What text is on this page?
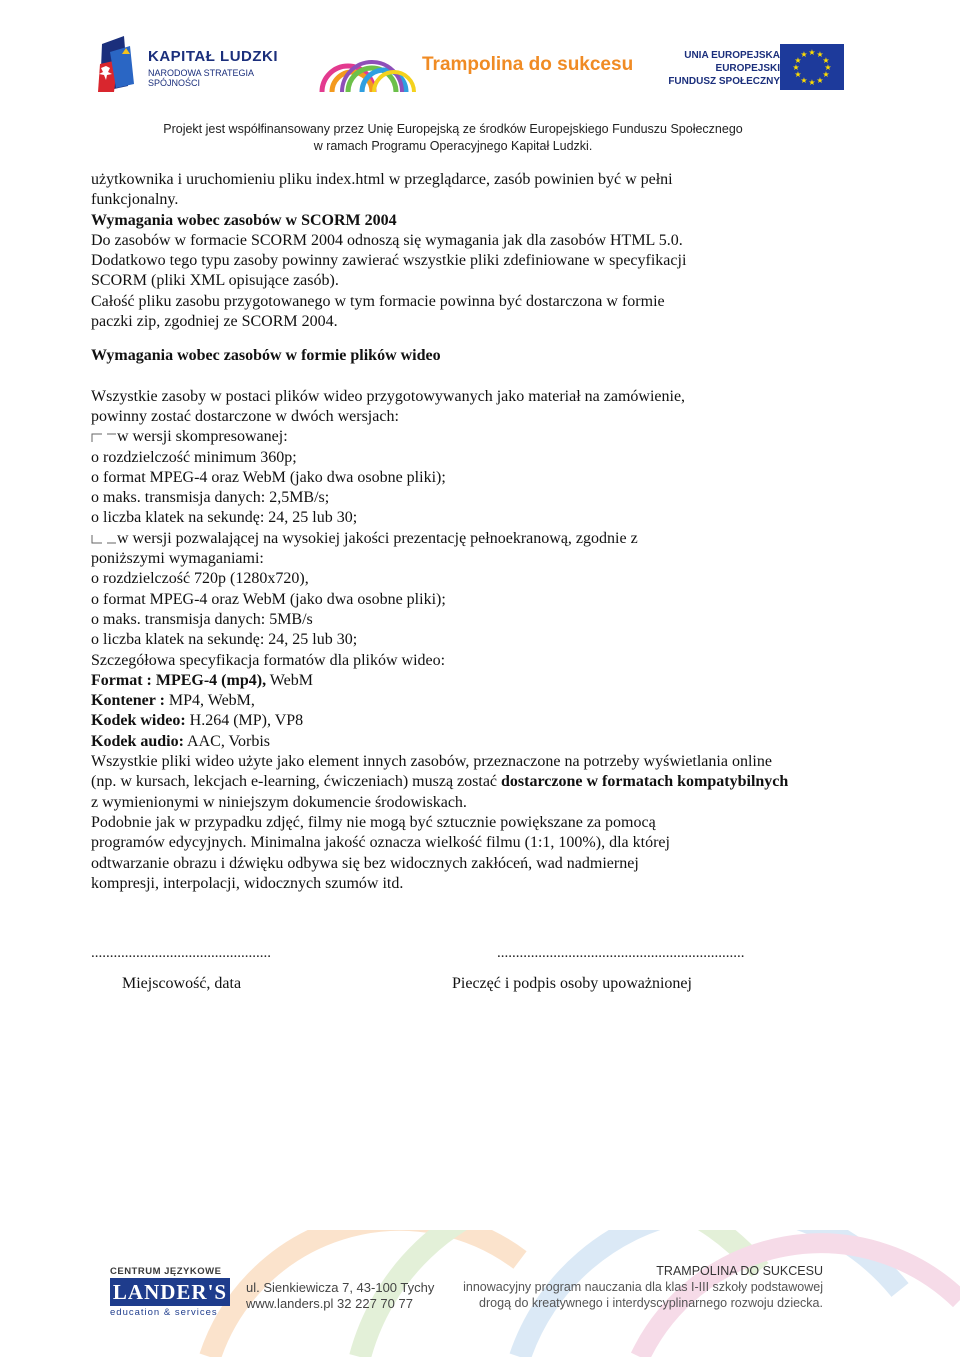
KAPITAŁ LUDZKI
NARODOWA STRATEGIA SPÓJNOŚCI
Trampolina do sukcesu	UNIA EUROPEJSKA
EUROPEJSKI
FUNDUSZ SPOŁECZNY
★ ★
★
★
★
★
★
★
★
★
★
★
Projekt jest współfinansowany przez Unię Europejską ze środków Europejskiego Funduszu Społecznego
w ramach Programu Operacyjnego Kapitał Ludzki.

użytkownika i uruchomieniu pliku index.html w przeglądarce, zasób powinien być w pełni

funkcjonalny.

Wymagania wobec zasobów w SCORM 2004

Do zasobów w formacie SCORM 2004 odnoszą się wymagania jak dla zasobów HTML 5.0.

Dodatkowo tego typu zasoby powinny zawierać wszystkie pliki zdefiniowane w specyfikacji

SCORM (pliki XML opisujące zasób).

Całość pliku zasobu przygotowanego w tym formacie powinna być dostarczona w formie

paczki zip, zgodniej ze SCORM 2004.

Wymagania wobec zasobów w formie plików wideo

Wszystkie zasoby w postaci plików wideo przygotowywanych jako materiał na zamówienie,

powinny zostać dostarczone w dwóch wersjach:

w wersji skompresowanej:

o rozdzielczość minimum 360p;

o format MPEG-4 oraz WebM (jako dwa osobne pliki);

o maks. transmisja danych: 2,5MB/s;

o liczba klatek na sekundę: 24, 25 lub 30;

w wersji pozwalającej na wysokiej jakości prezentację pełnoekranową, zgodnie z

poniższymi wymaganiami:

o rozdzielczość 720p (1280x720),

o format MPEG-4 oraz WebM (jako dwa osobne pliki);

o maks. transmisja danych: 5MB/s

o liczba klatek na sekundę: 24, 25 lub 30;

Szczegółowa specyfikacja formatów dla plików wideo:

Format : MPEG-4 (mp4), WebM

Kontener : MP4, WebM,

Kodek wideo: H.264 (MP), VP8

Kodek audio: AAC, Vorbis

Wszystkie pliki wideo użyte jako element innych zasobów, przeznaczone na potrzeby wyświetlania online

(np. w kursach, lekcjach e-learning, ćwiczeniach) muszą zostać dostarczone w formatach kompatybilnych

z wymienionymi w niniejszym dokumencie środowiskach.

Podobnie jak w przypadku zdjęć, filmy nie mogą być sztucznie powiększane za pomocą

programów edycyjnych. Minimalna jakość oznacza wielkość filmu (1:1, 100%), dla której

odtwarzanie obrazu i dźwięku odbywa się bez widocznych zakłóceń, wad nadmiernej

kompresji, interpolacji, widocznych szumów itd.

................................................	..................................................................
Miejscowość, data	Pieczęć i podpis osoby upoważnionej
CENTRUM JĘZYKOWE
LANDER'S
education & services
ul. Sienkiewicza 7, 43-100 Tychy
www.landers.pl 32 227 70 77
TRAMPOLINA DO SUKCESU
innowacyjny program nauczania dla klas I-III szkoły podstawowej
drogą do kreatywnego i interdyscyplinarnego rozwoju dziecka.
